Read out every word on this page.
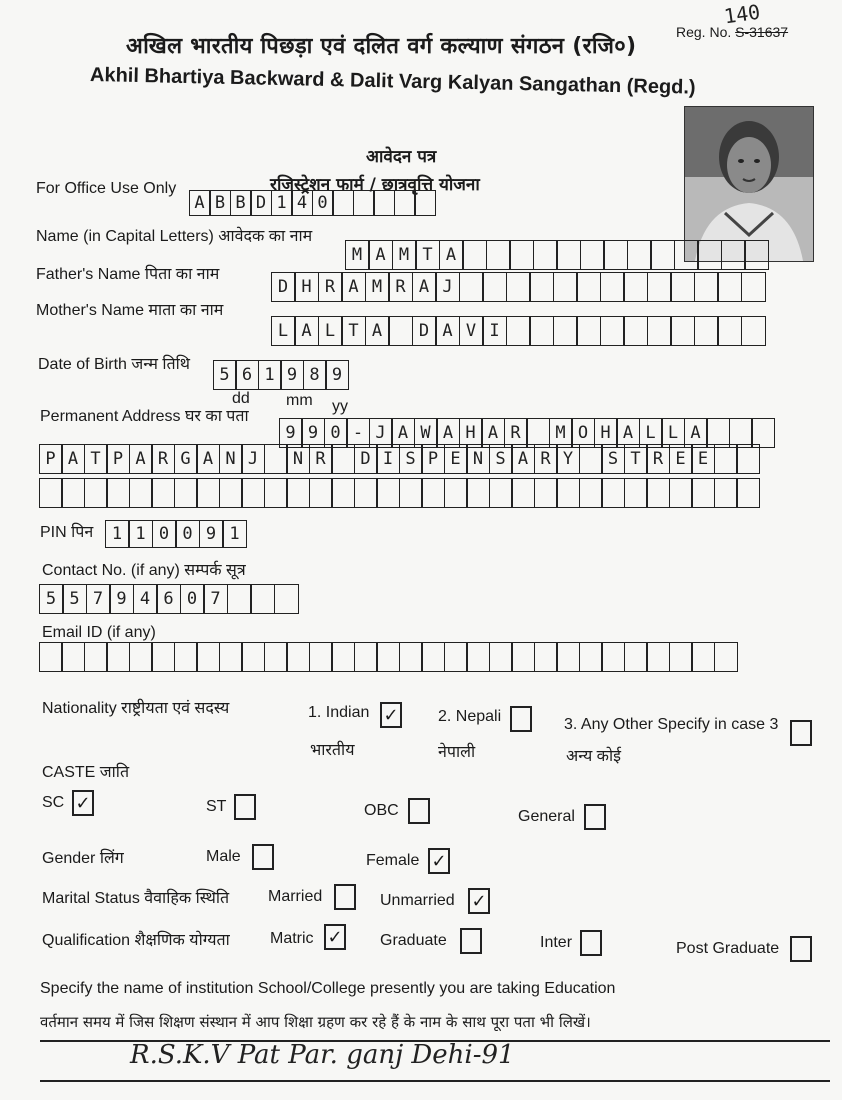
Reg. No. S-31637
140
अखिल भारतीय पिछड़ा एवं दलित वर्ग कल्याण संगठन (रजि०)
Akhil Bhartiya Backward & Dalit Varg Kalyan Sangathan (Regd.)
आवेदन पत्र
रजिस्ट्रेशन फार्म / छात्रवृत्ति योजना
For Office Use Only
A B B D 1 4 0
Name (in Capital Letters) आवेदक का नाम
M A M T A
Father's Name पिता का नाम
D H R A M R A J
Mother's Name माता का नाम
L A L T A	D A V I
Date of Birth जन्म तिथि
5 6 1 9 8 9
dd mm yy
Permanent Address घर का पता
9 9 0 - J A W A H A R	M O H A L L A
P A T P A R G A N J	N R	D I S P E N S A R Y	S T R E E
PIN पिन	1 1 0 0 9 1
Contact No. (if any) सम्पर्क सूत्र
5 5 7 9 4 6 0 7
Email ID (if any)
Nationality राष्ट्रीयता एवं सदस्य	1. Indian ✓
भारतीय
2. Nepali
नेपाली
3. Any Other Specify in case 3
अन्य कोई
CASTE जाति
SC ✓	ST	OBC	General
Gender लिंग	Male	Female ✓
Marital Status वैवाहिक स्थिति Married	Unmarried ✓
Qualification शैक्षणिक योग्यता	Matric ✓ Graduate	Inter	Post Graduate
Specify the name of institution School/College presently you are taking Education
वर्तमान समय में जिस शिक्षण संस्थान में आप शिक्षा ग्रहण कर रहे हैं के नाम के साथ पूरा पता भी लिखें।
R.S.K.V Pat Par. ganj Dehi-91
